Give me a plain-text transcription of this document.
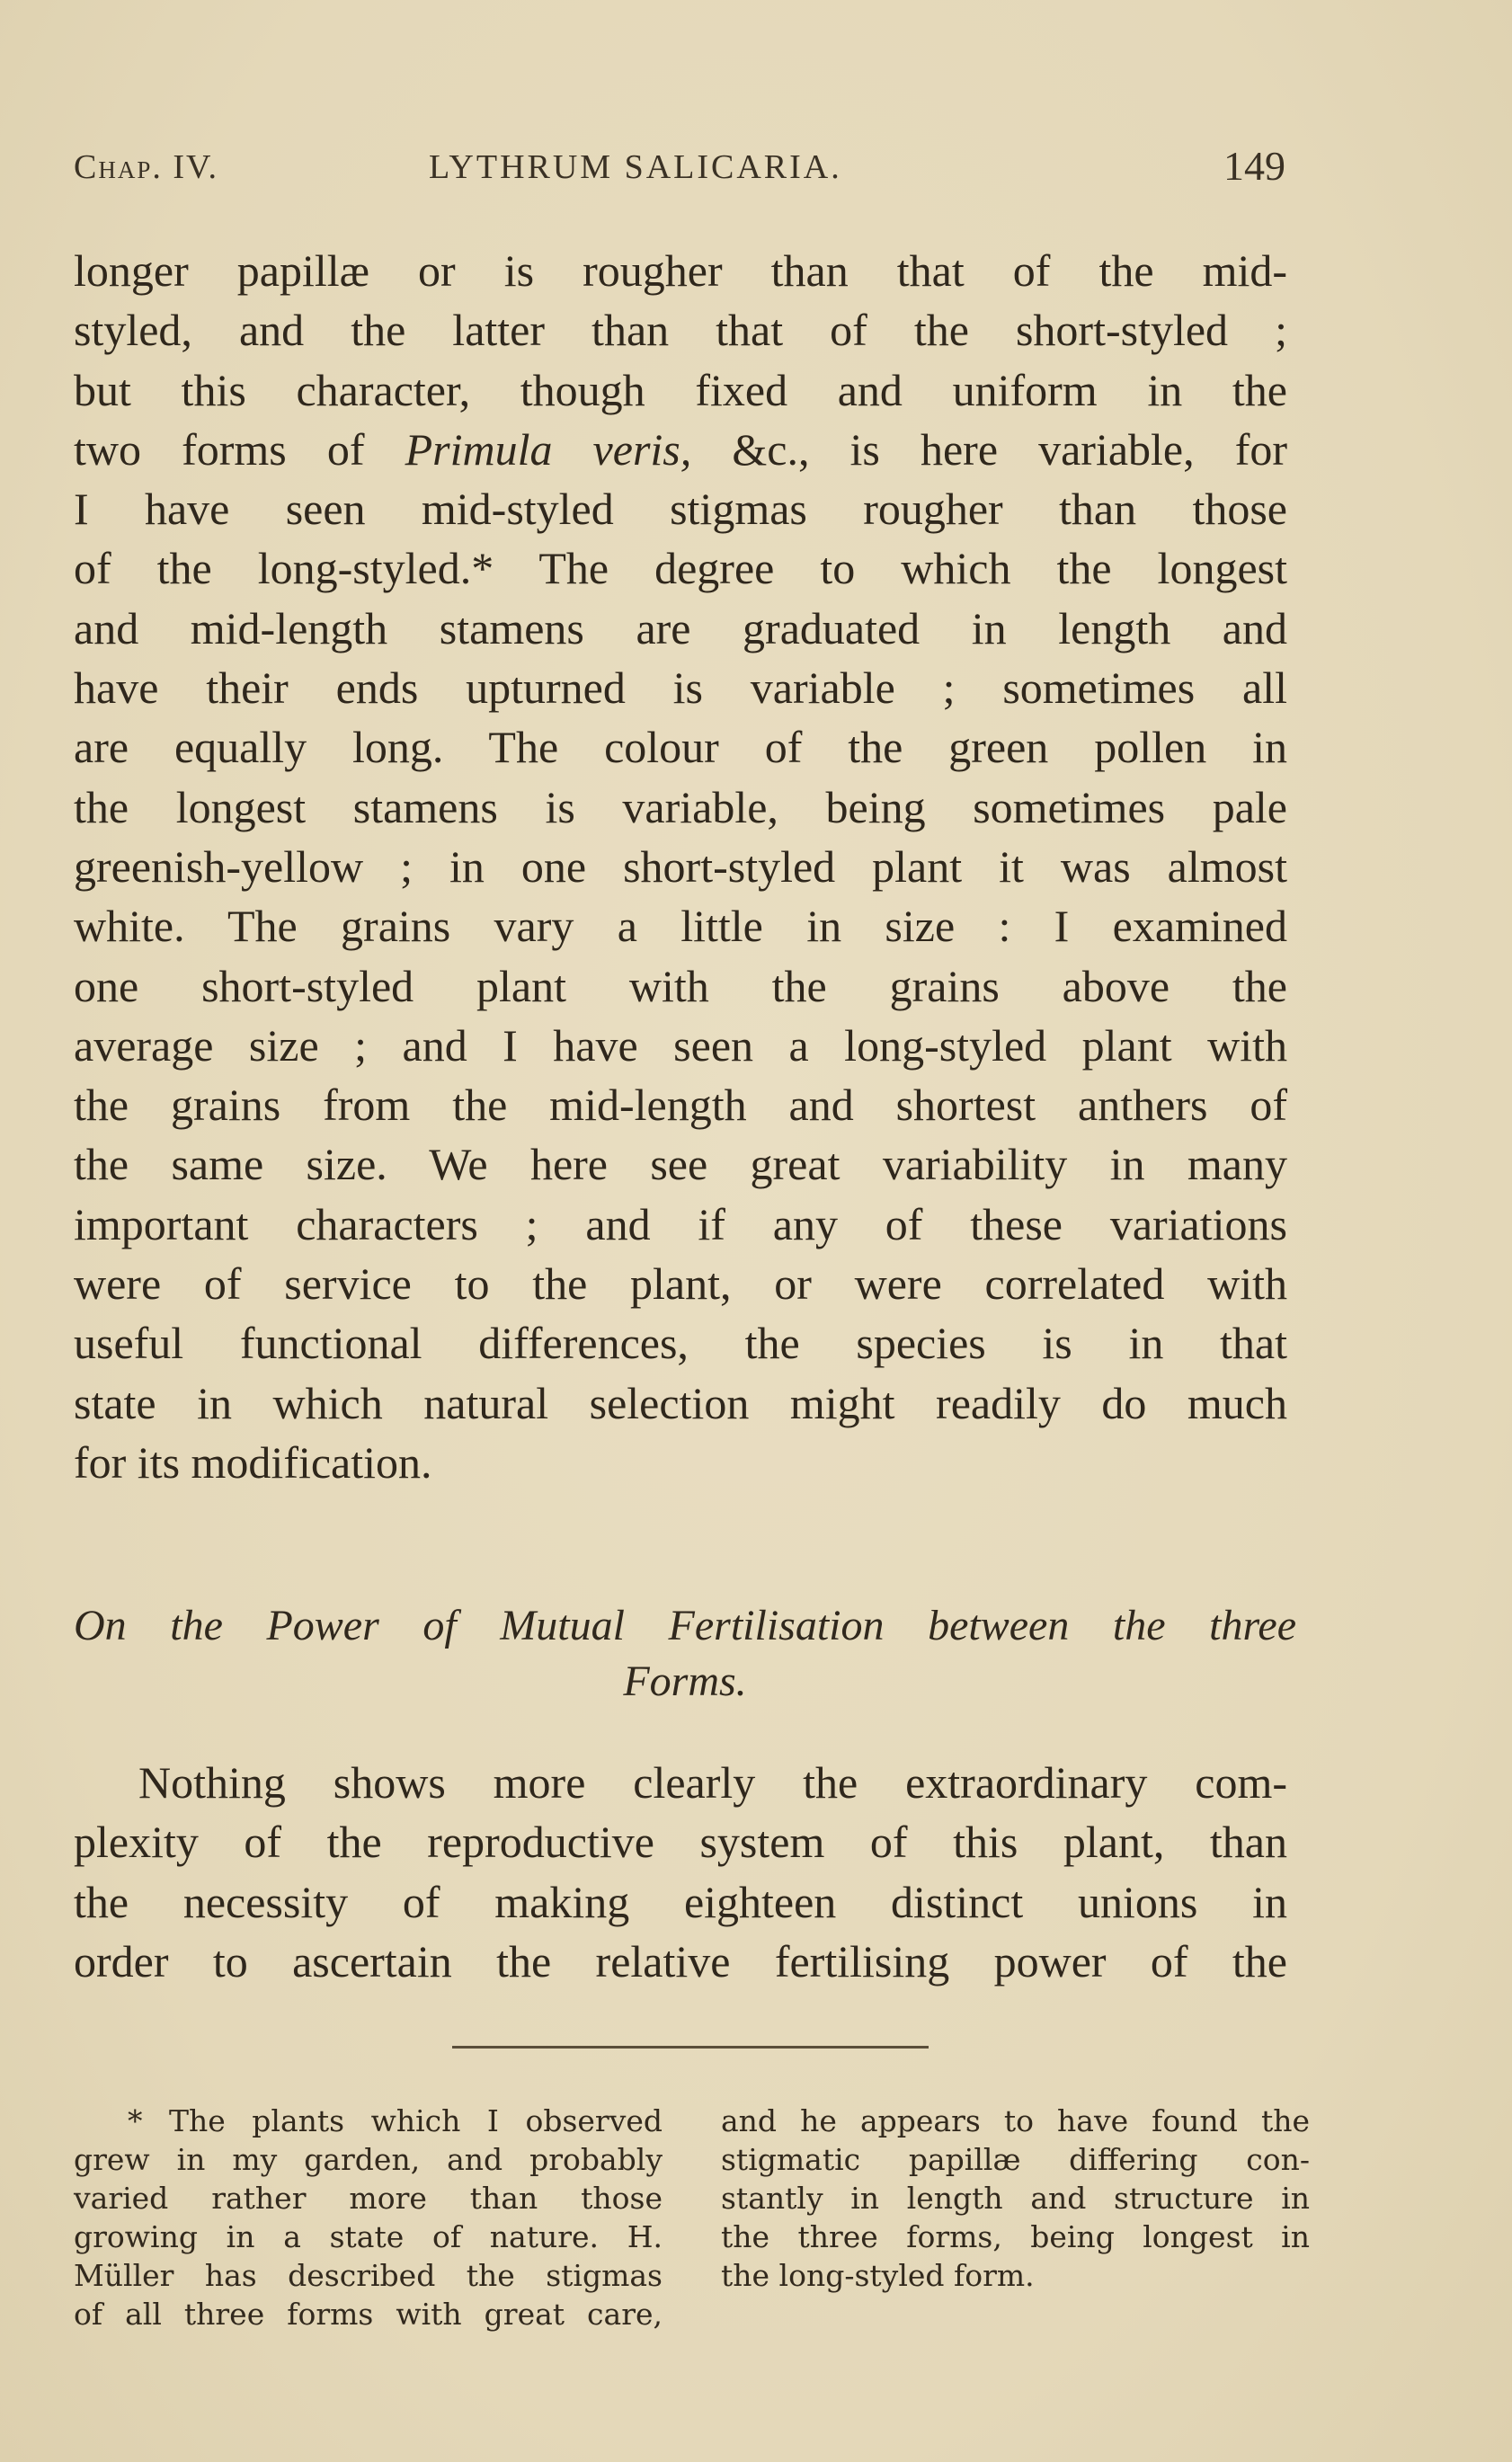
Chap. IV.	LYTHRUM SALICARIA.	149
longer papillæ or is rougher than that of the mid-
styled, and the latter than that of the short-styled ;
but this character, though fixed and uniform in the
two forms of Primula veris, &c., is here variable, for
I have seen mid-styled stigmas rougher than those
of the long-styled.* The degree to which the longest
and mid-length stamens are graduated in length and
have their ends upturned is variable ; sometimes all
are equally long. The colour of the green pollen in
the longest stamens is variable, being sometimes pale
greenish-yellow ; in one short-styled plant it was almost
white. The grains vary a little in size : I examined
one short-styled plant with the grains above the
average size ; and I have seen a long-styled plant with
the grains from the mid-length and shortest anthers of
the same size. We here see great variability in many
important characters ; and if any of these variations
were of service to the plant, or were correlated with
useful functional differences, the species is in that
state in which natural selection might readily do much
for its modification.
On the Power of Mutual Fertilisation between the three
Forms.
Nothing shows more clearly the extraordinary com-
plexity of the reproductive system of this plant, than
the necessity of making eighteen distinct unions in
order to ascertain the relative fertilising power of the
* The plants which I observed
grew in my garden, and probably
varied rather more than those
growing in a state of nature. H.
Müller has described the stigmas
of all three forms with great care,
and he appears to have found the
stigmatic papillæ differing con-
stantly in length and structure in
the three forms, being longest in
the long-styled form.
